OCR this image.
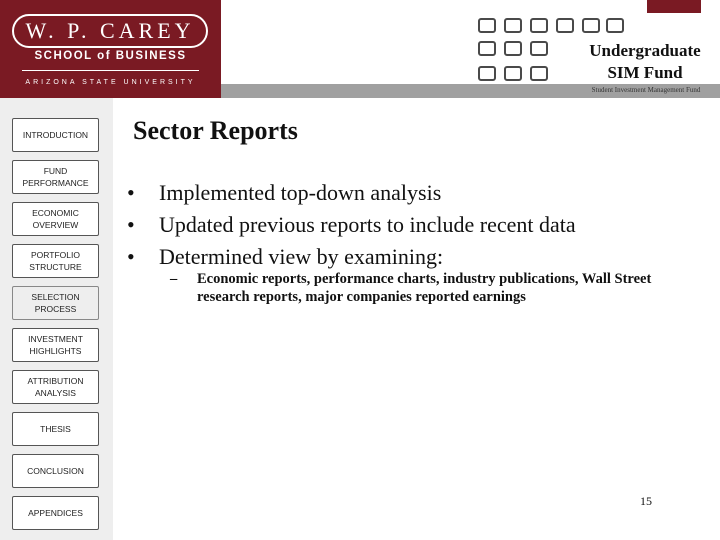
W. P. CAREY
SCHOOL of BUSINESS
ARIZONA STATE UNIVERSITY
Undergraduate
SIM Fund
Student Investment Management Fund
INTRODUCTION
FUND PERFORMANCE
ECONOMIC OVERVIEW
PORTFOLIO STRUCTURE
SELECTION PROCESS
INVESTMENT HIGHLIGHTS
ATTRIBUTION ANALYSIS
THESIS
CONCLUSION
APPENDICES
Sector Reports
• Implemented top-down analysis
• Updated previous reports to include recent data
• Determined view by examining:
– Economic reports, performance charts, industry publications, Wall Street research reports, major companies reported earnings
15
